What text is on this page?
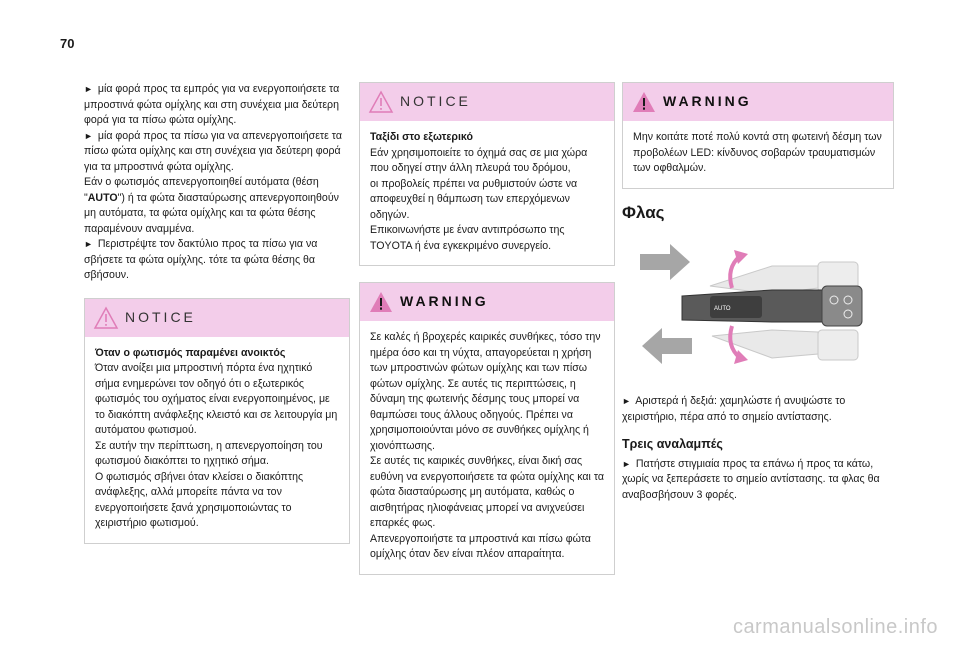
70

► μία φορά προς τα εμπρός για να ενεργοποιήσετε τα μπροστινά φώτα ομίχλης και στη συνέχεια μια δεύτερη φορά για τα πίσω φώτα ομίχλης.

► μία φορά προς τα πίσω για να απενεργοποιήσετε τα πίσω φώτα ομίχλης και στη συνέχεια για δεύτερη φορά για τα μπροστινά φώτα ομίχλης.

Εάν ο φωτισμός απενεργοποιηθεί αυτόματα (θέση "AUTO") ή τα φώτα διασταύρωσης απενεργοποιηθούν μη αυτόματα, τα φώτα ομίχλης και τα φώτα θέσης παραμένουν αναμμένα.

► Περιστρέψτε τον δακτύλιο προς τα πίσω για να σβήσετε τα φώτα ομίχλης. τότε τα φώτα θέσης θα σβήσουν.

NOTICE

Όταν ο φωτισμός παραμένει ανοικτός

Όταν ανοίξει μια μπροστινή πόρτα ένα ηχητικό σήμα ενημερώνει τον οδηγό ότι ο εξωτερικός φωτισμός του οχήματος είναι ενεργοποιημένος, με το διακόπτη ανάφλεξης κλειστό και σε λειτουργία μη αυτόματου φωτισμού.
Σε αυτήν την περίπτωση, η απενεργοποίηση του φωτισμού διακόπτει το ηχητικό σήμα.
Ο φωτισμός σβήνει όταν κλείσει ο διακόπτης ανάφλεξης, αλλά μπορείτε πάντα να τον ενεργοποιήσετε ξανά χρησιμοποιώντας το χειριστήριο φωτισμού.

NOTICE

Ταξίδι στο εξωτερικό

Εάν χρησιμοποιείτε το όχημά σας σε μια χώρα που οδηγεί στην άλλη πλευρά του δρόμου,
οι προβολείς πρέπει να ρυθμιστούν ώστε να αποφευχθεί η θάμπωση των επερχόμενων οδηγών.
Επικοινωνήστε με έναν αντιπρόσωπο της TOYOTA ή ένα εγκεκριμένο συνεργείο.

WARNING

Σε καλές ή βροχερές καιρικές συνθήκες, τόσο την ημέρα όσο και τη νύχτα, απαγορεύεται η χρήση των μπροστινών φώτων ομίχλης και των πίσω φώτων ομίχλης. Σε αυτές τις περιπτώσεις, η δύναμη της φωτεινής δέσμης τους μπορεί να θαμπώσει τους άλλους οδηγούς. Πρέπει να χρησιμοποιούνται μόνο σε συνθήκες ομίχλης ή χιονόπτωσης.
Σε αυτές τις καιρικές συνθήκες, είναι δική σας ευθύνη να ενεργοποιήσετε τα φώτα ομίχλης και τα φώτα διασταύρωσης μη αυτόματα, καθώς ο αισθητήρας ηλιοφάνειας μπορεί να ανιχνεύσει επαρκές φως.
Απενεργοποιήστε τα μπροστινά και πίσω φώτα ομίχλης όταν δεν είναι πλέον απαραίτητα.

WARNING

Μην κοιτάτε ποτέ πολύ κοντά στη φωτεινή δέσμη των προβολέων LED: κίνδυνος σοβαρών τραυματισμών των οφθαλμών.

Φλας
AUTO

► Αριστερά ή δεξιά: χαμηλώστε ή ανυψώστε το χειριστήριο, πέρα από το σημείο αντίστασης.

Τρεις αναλαμπές

► Πατήστε στιγμιαία προς τα επάνω ή προς τα κάτω, χωρίς να ξεπεράσετε το σημείο αντίστασης. τα φλας θα αναβοσβήσουν 3 φορές.

carmanualsonline.info
